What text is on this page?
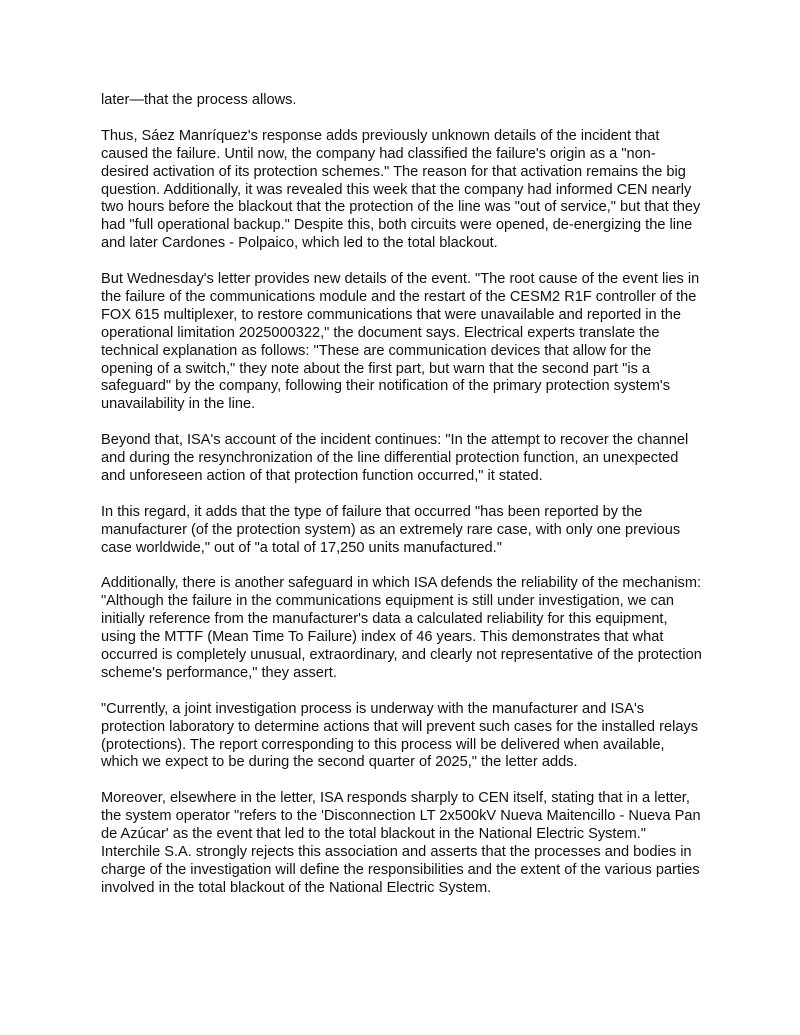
later—that the process allows.

Thus, Sáez Manríquez's response adds previously unknown details of the incident that caused the failure. Until now, the company had classified the failure's origin as a "non-desired activation of its protection schemes." The reason for that activation remains the big question. Additionally, it was revealed this week that the company had informed CEN nearly two hours before the blackout that the protection of the line was "out of service," but that they had "full operational backup." Despite this, both circuits were opened, de-energizing the line and later Cardones - Polpaico, which led to the total blackout.

But Wednesday's letter provides new details of the event. "The root cause of the event lies in the failure of the communications module and the restart of the CESM2 R1F controller of the FOX 615 multiplexer, to restore communications that were unavailable and reported in the operational limitation 2025000322," the document says. Electrical experts translate the technical explanation as follows: "These are communication devices that allow for the opening of a switch," they note about the first part, but warn that the second part "is a safeguard" by the company, following their notification of the primary protection system's unavailability in the line.

Beyond that, ISA's account of the incident continues: "In the attempt to recover the channel and during the resynchronization of the line differential protection function, an unexpected and unforeseen action of that protection function occurred," it stated.

In this regard, it adds that the type of failure that occurred "has been reported by the manufacturer (of the protection system) as an extremely rare case, with only one previous case worldwide," out of "a total of 17,250 units manufactured."

Additionally, there is another safeguard in which ISA defends the reliability of the mechanism: "Although the failure in the communications equipment is still under investigation, we can initially reference from the manufacturer's data a calculated reliability for this equipment, using the MTTF (Mean Time To Failure) index of 46 years. This demonstrates that what occurred is completely unusual, extraordinary, and clearly not representative of the protection scheme's performance," they assert.

"Currently, a joint investigation process is underway with the manufacturer and ISA's protection laboratory to determine actions that will prevent such cases for the installed relays (protections). The report corresponding to this process will be delivered when available, which we expect to be during the second quarter of 2025," the letter adds.

Moreover, elsewhere in the letter, ISA responds sharply to CEN itself, stating that in a letter, the system operator "refers to the 'Disconnection LT 2x500kV Nueva Maitencillo - Nueva Pan de Azúcar' as the event that led to the total blackout in the National Electric System." Interchile S.A. strongly rejects this association and asserts that the processes and bodies in charge of the investigation will define the responsibilities and the extent of the various parties involved in the total blackout of the National Electric System.
